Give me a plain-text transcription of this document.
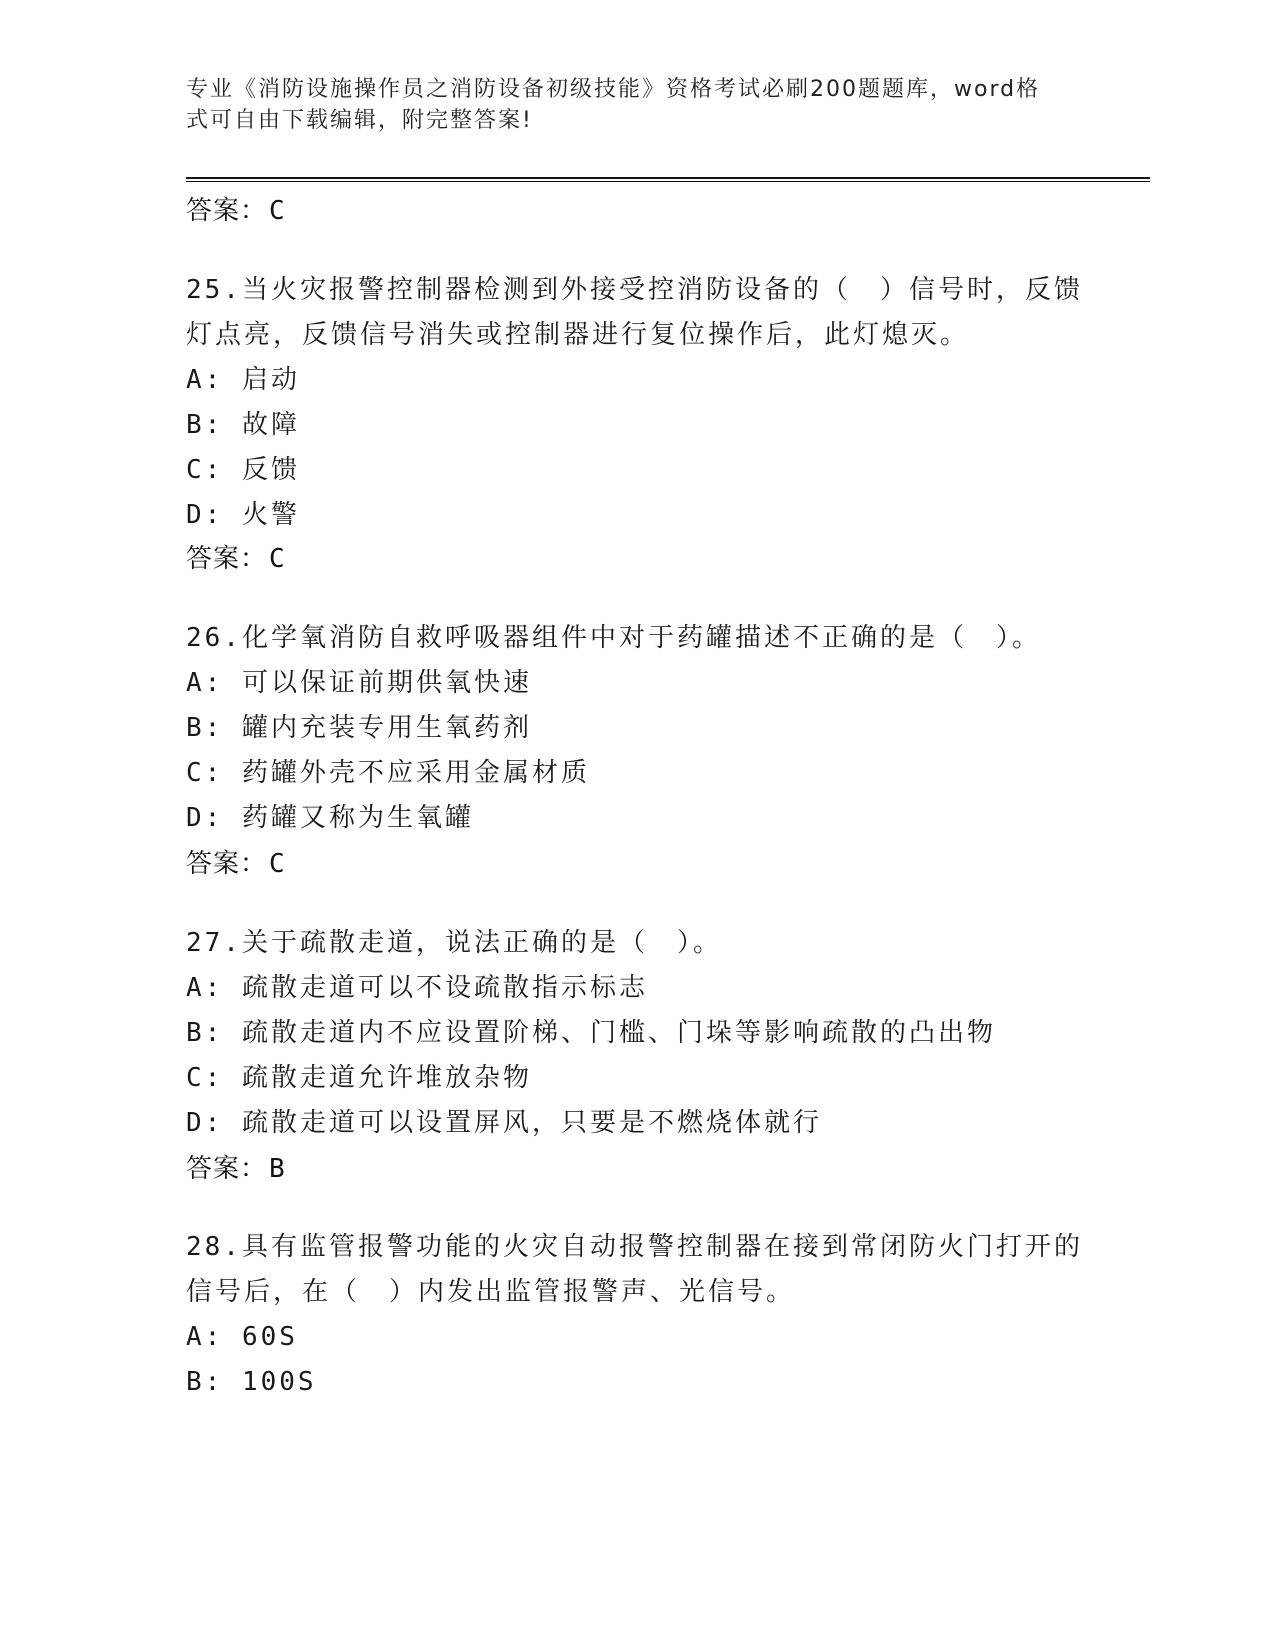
专业《消防设施操作员之消防设备初级技能》资格考试必刷200题题库，word格
式可自由下载编辑，附完整答案!
答案：C
25.当火灾报警控制器检测到外接受控消防设备的（　）信号时，反馈灯点亮，反馈信号消失或控制器进行复位操作后，此灯熄灭。
A: 启动
B: 故障
C: 反馈
D: 火警
答案：C
26.化学氧消防自救呼吸器组件中对于药罐描述不正确的是（　）。
A: 可以保证前期供氧快速
B: 罐内充装专用生氧药剂
C: 药罐外壳不应采用金属材质
D: 药罐又称为生氧罐
答案：C
27.关于疏散走道，说法正确的是（　）。
A: 疏散走道可以不设疏散指示标志
B: 疏散走道内不应设置阶梯、门槛、门垛等影响疏散的凸出物
C: 疏散走道允许堆放杂物
D: 疏散走道可以设置屏风，只要是不燃烧体就行
答案：B
28.具有监管报警功能的火灾自动报警控制器在接到常闭防火门打开的信号后，在（　）内发出监管报警声、光信号。
A: 60S
B: 100S
